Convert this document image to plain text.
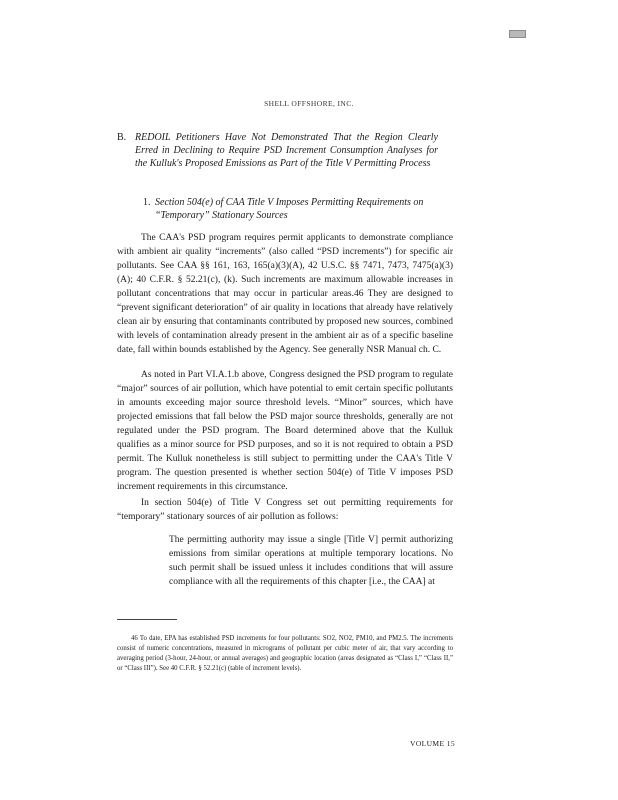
SHELL OFFSHORE, INC.
B. REDOIL Petitioners Have Not Demonstrated That the Region Clearly Erred in Declining to Require PSD Increment Consumption Analyses for the Kulluk's Proposed Emissions as Part of the Title V Permitting Process
1. Section 504(e) of CAA Title V Imposes Permitting Requirements on “Temporary” Stationary Sources

The CAA's PSD program requires permit applicants to demonstrate compliance with ambient air quality “increments” (also called “PSD increments”) for specific air pollutants. See CAA §§ 161, 163, 165(a)(3)(A), 42 U.S.C. §§ 7471, 7473, 7475(a)(3)(A); 40 C.F.R. § 52.21(c), (k). Such increments are maximum allowable increases in pollutant concentrations that may occur in particular areas.46 They are designed to “prevent significant deterioration” of air quality in locations that already have relatively clean air by ensuring that contaminants contributed by proposed new sources, combined with levels of contamination already present in the ambient air as of a specific baseline date, fall within bounds established by the Agency. See generally NSR Manual ch. C.

As noted in Part VI.A.1.b above, Congress designed the PSD program to regulate “major” sources of air pollution, which have potential to emit certain specific pollutants in amounts exceeding major source threshold levels. “Minor” sources, which have projected emissions that fall below the PSD major source thresholds, generally are not regulated under the PSD program. The Board determined above that the Kulluk qualifies as a minor source for PSD purposes, and so it is not required to obtain a PSD permit. The Kulluk nonetheless is still subject to permitting under the CAA's Title V program. The question presented is whether section 504(e) of Title V imposes PSD increment requirements in this circumstance.

In section 504(e) of Title V Congress set out permitting requirements for “temporary” stationary sources of air pollution as follows:

The permitting authority may issue a single [Title V] permit authorizing emissions from similar operations at multiple temporary locations. No such permit shall be issued unless it includes conditions that will assure compliance with all the requirements of this chapter [i.e., the CAA] at

46 To date, EPA has established PSD increments for four pollutants: SO2, NO2, PM10, and PM2.5. The increments consist of numeric concentrations, measured in micrograms of pollutant per cubic meter of air, that vary according to averaging period (3-hour, 24-hour, or annual averages) and geographic location (areas designated as “Class I,” “Class II,” or “Class III”). See 40 C.F.R. § 52.21(c) (table of increment levels).

VOLUME 15
